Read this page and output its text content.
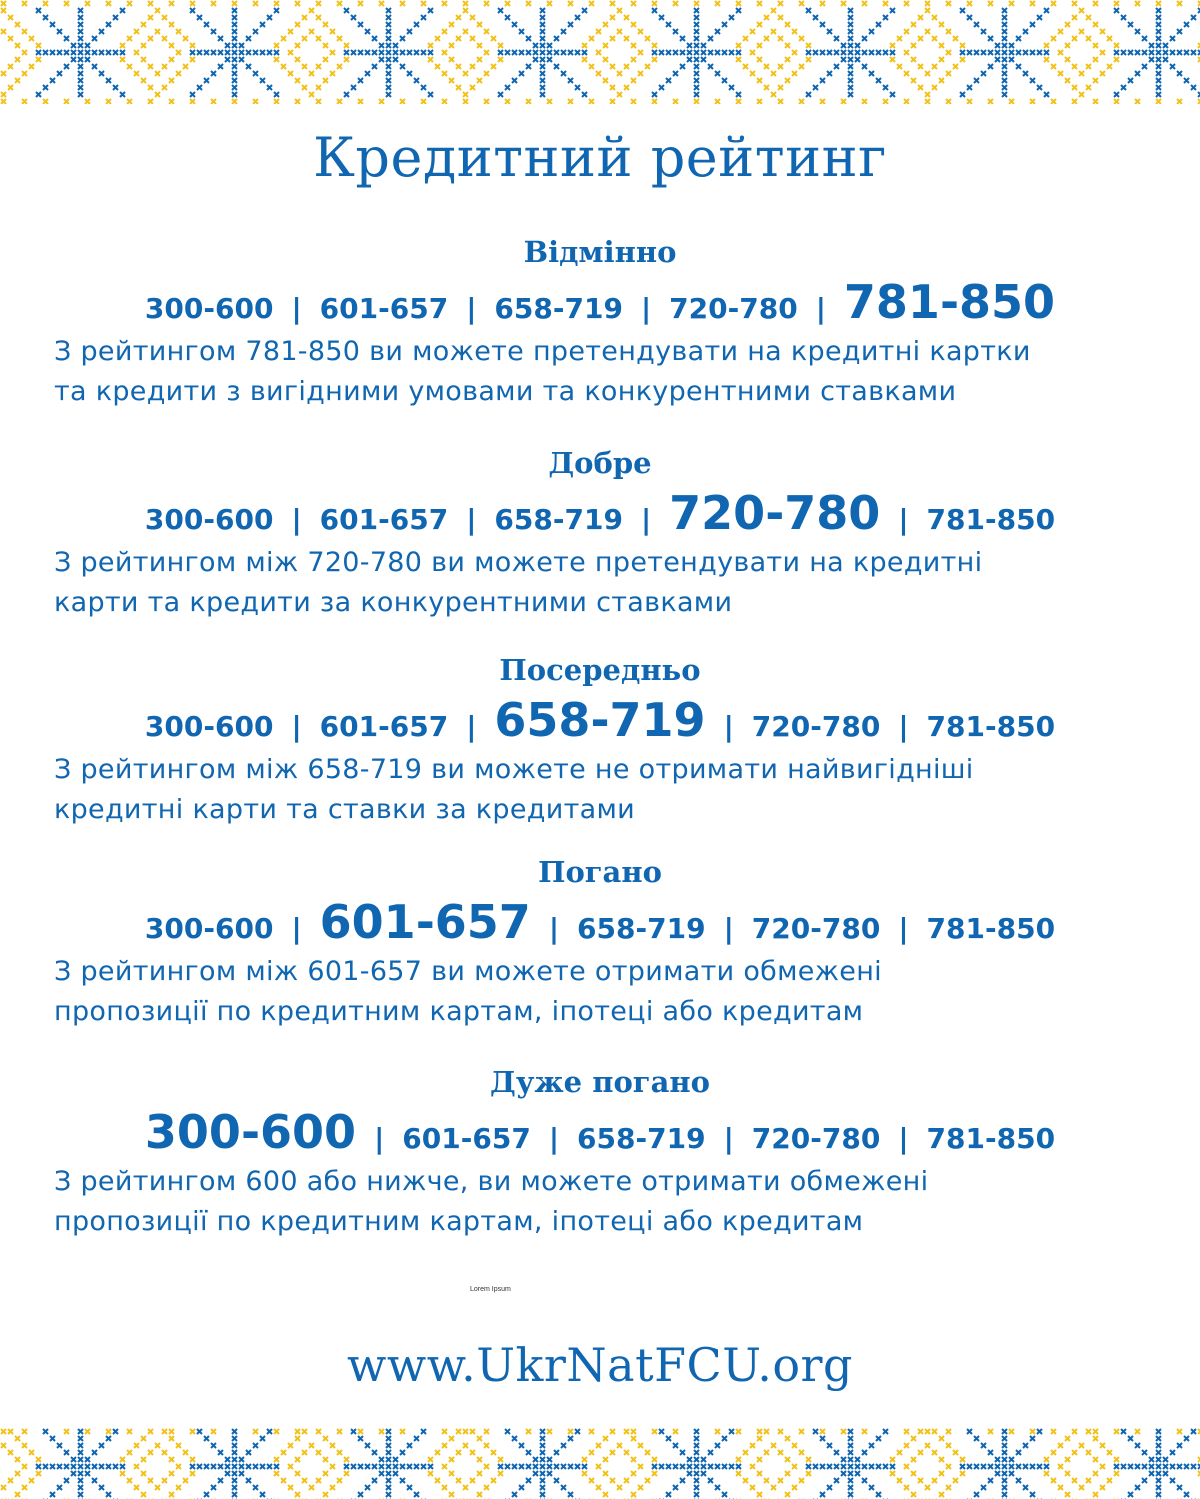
Кредитний рейтинг
Відмінно
300-600 | 601-657 | 658-719 | 720-780 | 781-850
З рейтингом 781-850 ви можете претендувати на кредитні картки
та кредити з вигідними умовами та конкурентними ставками
Добре
300-600 | 601-657 | 658-719 | 720-780 | 781-850
З рейтингом між 720-780 ви можете претендувати на кредитні
карти та кредити за конкурентними ставками
Посередньо
300-600 | 601-657 | 658-719 | 720-780 | 781-850
З рейтингом між 658-719 ви можете не отримати найвигідніші
кредитні карти та ставки за кредитами
Погано
300-600 | 601-657 | 658-719 | 720-780 | 781-850
З рейтингом між 601-657 ви можете отримати обмежені
пропозиції по кредитним картам, іпотеці або кредитам
Дуже погано
300-600 | 601-657 | 658-719 | 720-780 | 781-850
З рейтингом 600 або нижче, ви можете отримати обмежені
пропозиції по кредитним картам, іпотеці або кредитам
Lorem Ipsum
www.UkrNatFCU.org
